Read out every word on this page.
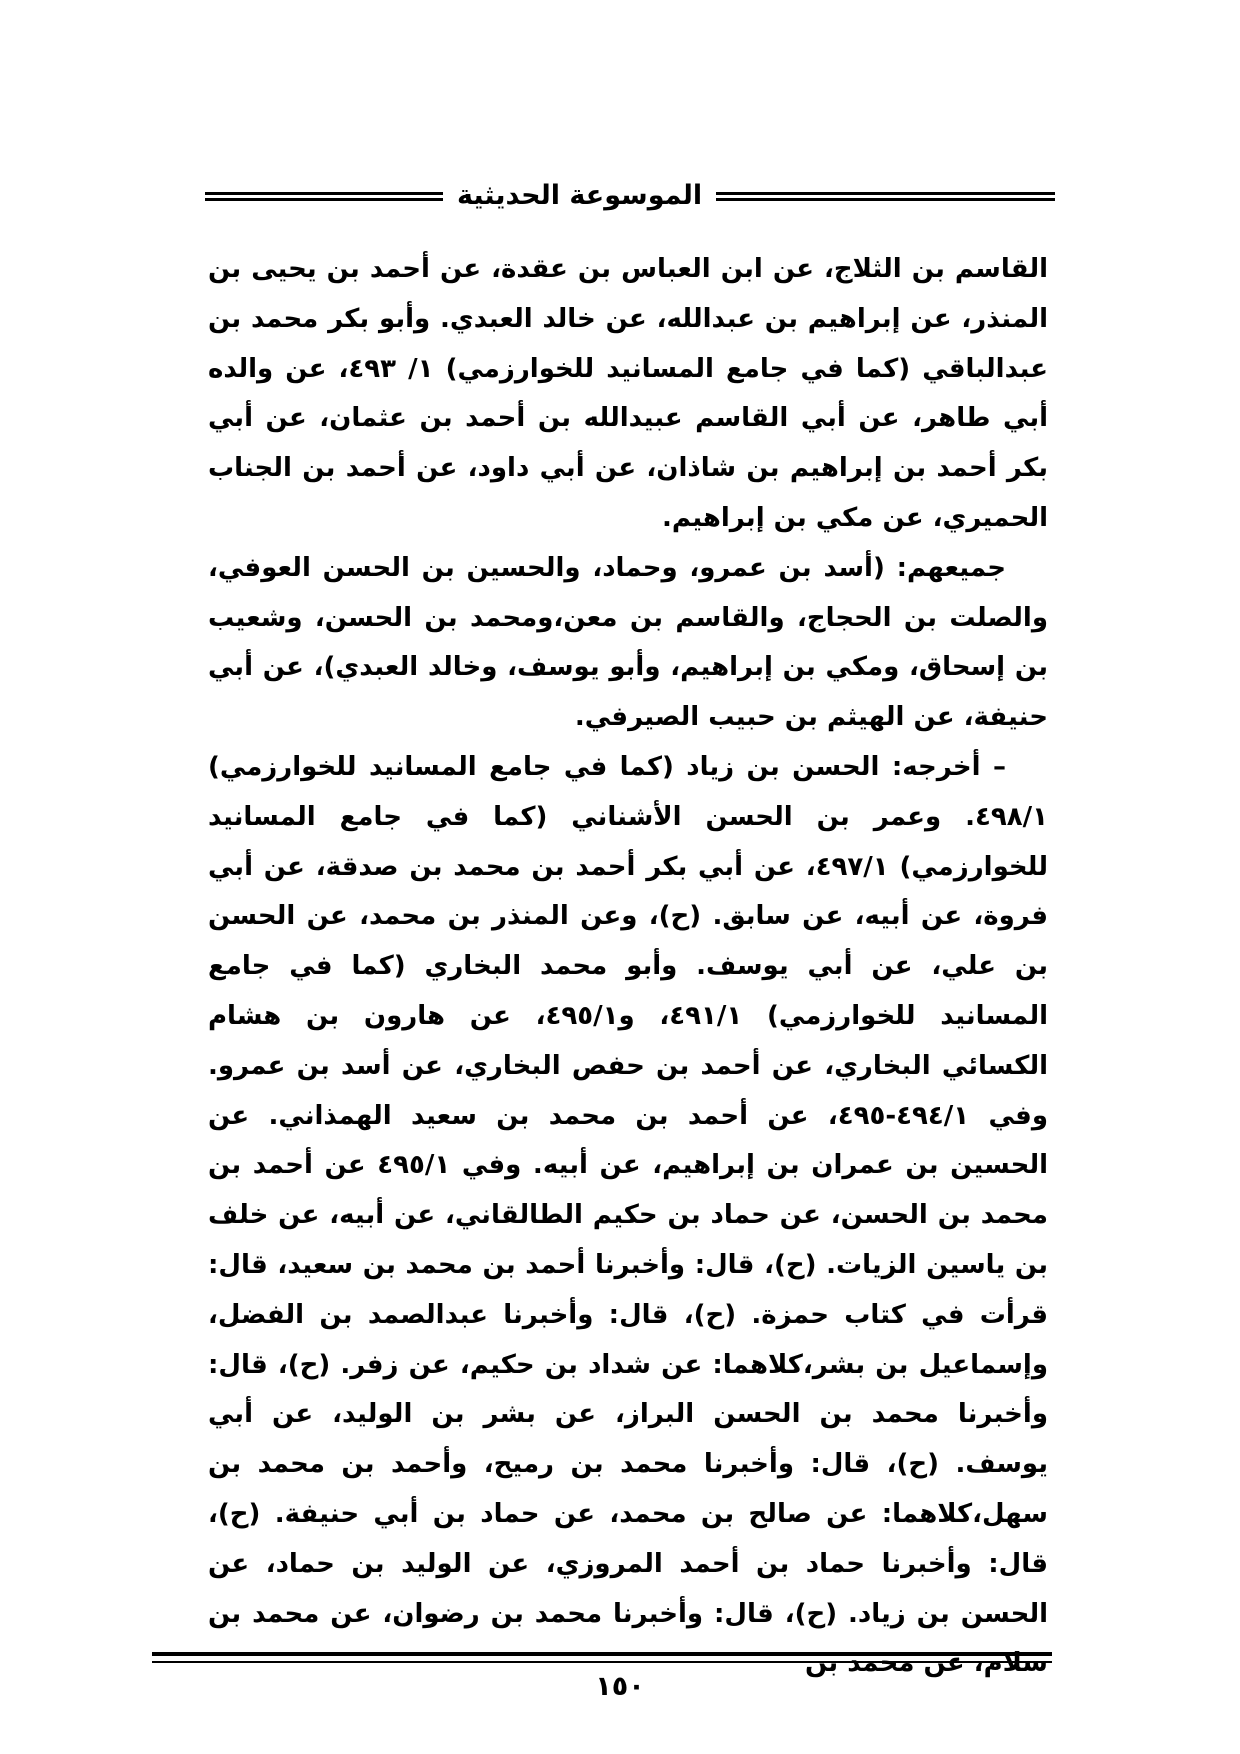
الموسوعة الحديثية

القاسم بن الثلاج، عن ابن العباس بن عقدة، عن أحمد بن يحيى بن المنذر، عن إبراهيم بن عبدالله، عن خالد العبدي. وأبو بكر محمد بن عبدالباقي (كما في جامع المسانيد للخوارزمي) ١/ ٤٩٣، عن والده أبي طاهر، عن أبي القاسم عبيدالله بن أحمد بن عثمان، عن أبي بكر أحمد بن إبراهيم بن شاذان، عن أبي داود، عن أحمد بن الجناب الحميري، عن مكي بن إبراهيم.

جميعهم: (أسد بن عمرو، وحماد، والحسين بن الحسن العوفي، والصلت بن الحجاج، والقاسم بن معن،ومحمد بن الحسن، وشعيب بن إسحاق، ومكي بن إبراهيم، وأبو يوسف، وخالد العبدي)، عن أبي حنيفة، عن الهيثم بن حبيب الصيرفي.

– أخرجه: الحسن بن زياد (كما في جامع المسانيد للخوارزمي) ٤٩٨/١. وعمر بن الحسن الأشناني (كما في جامع المسانيد للخوارزمي) ٤٩٧/١، عن أبي بكر أحمد بن محمد بن صدقة، عن أبي فروة، عن أبيه، عن سابق. (ح)، وعن المنذر بن محمد، عن الحسن بن علي، عن أبي يوسف. وأبو محمد البخاري (كما في جامع المسانيد للخوارزمي) ٤٩١/١، و٤٩٥/١، عن هارون بن هشام الكسائي البخاري، عن أحمد بن حفص البخاري، عن أسد بن عمرو. وفي ٤٩٤/١-٤٩٥، عن أحمد بن محمد بن سعيد الهمذاني. عن الحسين بن عمران بن إبراهيم، عن أبيه. وفي ٤٩٥/١ عن أحمد بن محمد بن الحسن، عن حماد بن حكيم الطالقاني، عن أبيه، عن خلف بن ياسين الزيات. (ح)، قال: وأخبرنا أحمد بن محمد بن سعيد، قال: قرأت في كتاب حمزة. (ح)، قال: وأخبرنا عبدالصمد بن الفضل، وإسماعيل بن بشر،كلاهما: عن شداد بن حكيم، عن زفر. (ح)، قال: وأخبرنا محمد بن الحسن البراز، عن بشر بن الوليد، عن أبي يوسف. (ح)، قال: وأخبرنا محمد بن رميح، وأحمد بن محمد بن سهل،كلاهما: عن صالح بن محمد، عن حماد بن أبي حنيفة. (ح)، قال: وأخبرنا حماد بن أحمد المروزي، عن الوليد بن حماد، عن الحسن بن زياد. (ح)، قال: وأخبرنا محمد بن رضوان، عن محمد بن سلام، عن محمد بن

١٥٠
